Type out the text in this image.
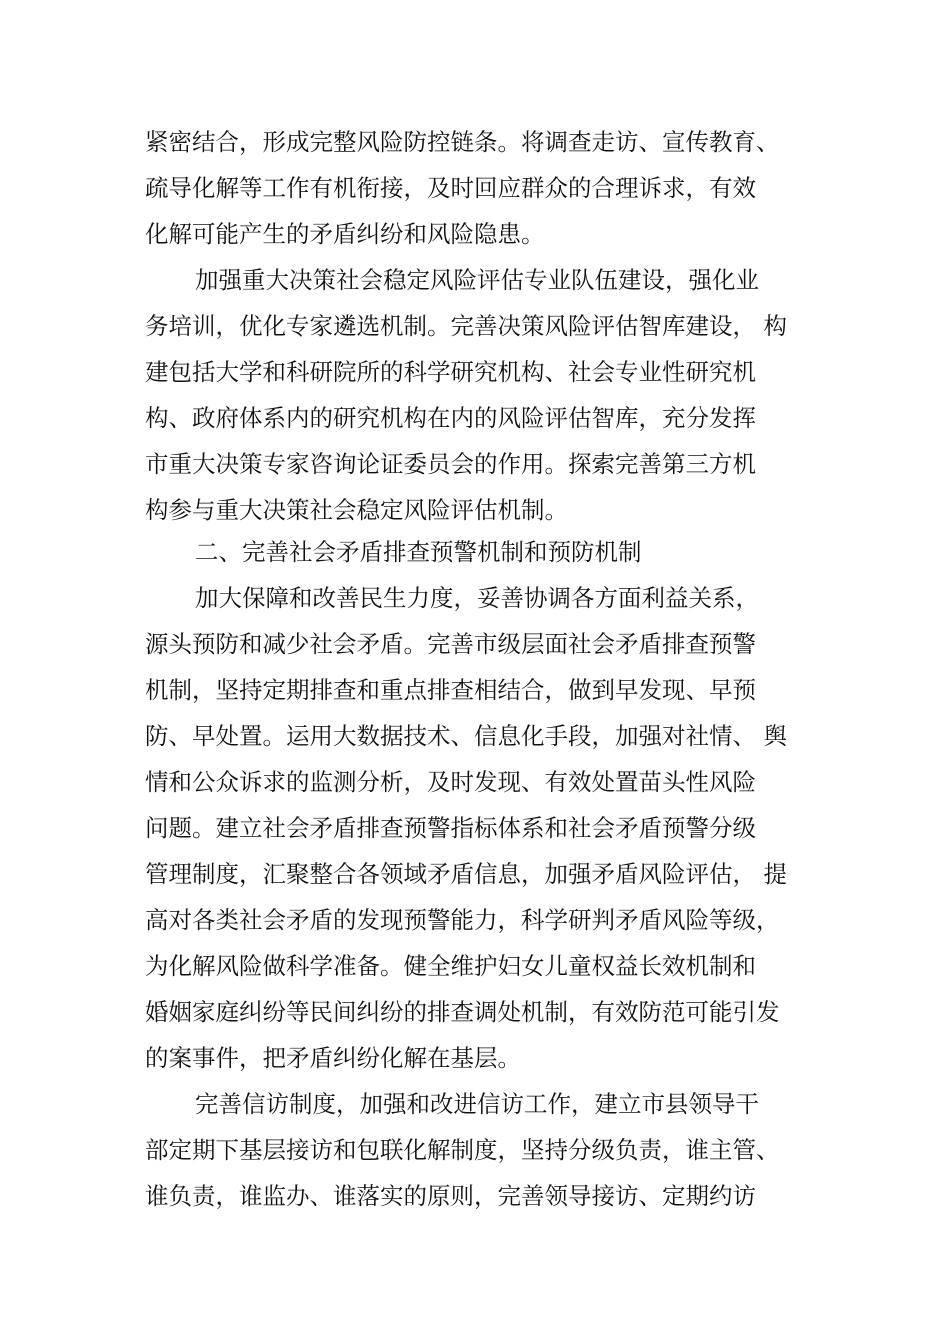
紧密结合，形成完整风险防控链条。将调查走访、宣传教育、
疏导化解等工作有机衔接，及时回应群众的合理诉求，有效
化解可能产生的矛盾纠纷和风险隐患。
加强重大决策社会稳定风险评估专业队伍建设，强化业
务培训，优化专家遴选机制。完善决策风险评估智库建设， 构
建包括大学和科研院所的科学研究机构、社会专业性研究机
构、政府体系内的研究机构在内的风险评估智库，充分发挥
市重大决策专家咨询论证委员会的作用。探索完善第三方机
构参与重大决策社会稳定风险评估机制。
二、完善社会矛盾排查预警机制和预防机制
加大保障和改善民生力度，妥善协调各方面利益关系，
源头预防和减少社会矛盾。完善市级层面社会矛盾排查预警
机制，坚持定期排查和重点排查相结合，做到早发现、早预
防、早处置。运用大数据技术、信息化手段，加强对社情、 舆
情和公众诉求的监测分析，及时发现、有效处置苗头性风险
问题。建立社会矛盾排查预警指标体系和社会矛盾预警分级
管理制度，汇聚整合各领域矛盾信息，加强矛盾风险评估， 提
高对各类社会矛盾的发现预警能力，科学研判矛盾风险等级，
为化解风险做科学准备。健全维护妇女儿童权益长效机制和
婚姻家庭纠纷等民间纠纷的排查调处机制，有效防范可能引发
的案事件，把矛盾纠纷化解在基层。
完善信访制度，加强和改进信访工作，建立市县领导干
部定期下基层接访和包联化解制度，坚持分级负责，谁主管、
谁负责，谁监办、谁落实的原则，完善领导接访、定期约访
